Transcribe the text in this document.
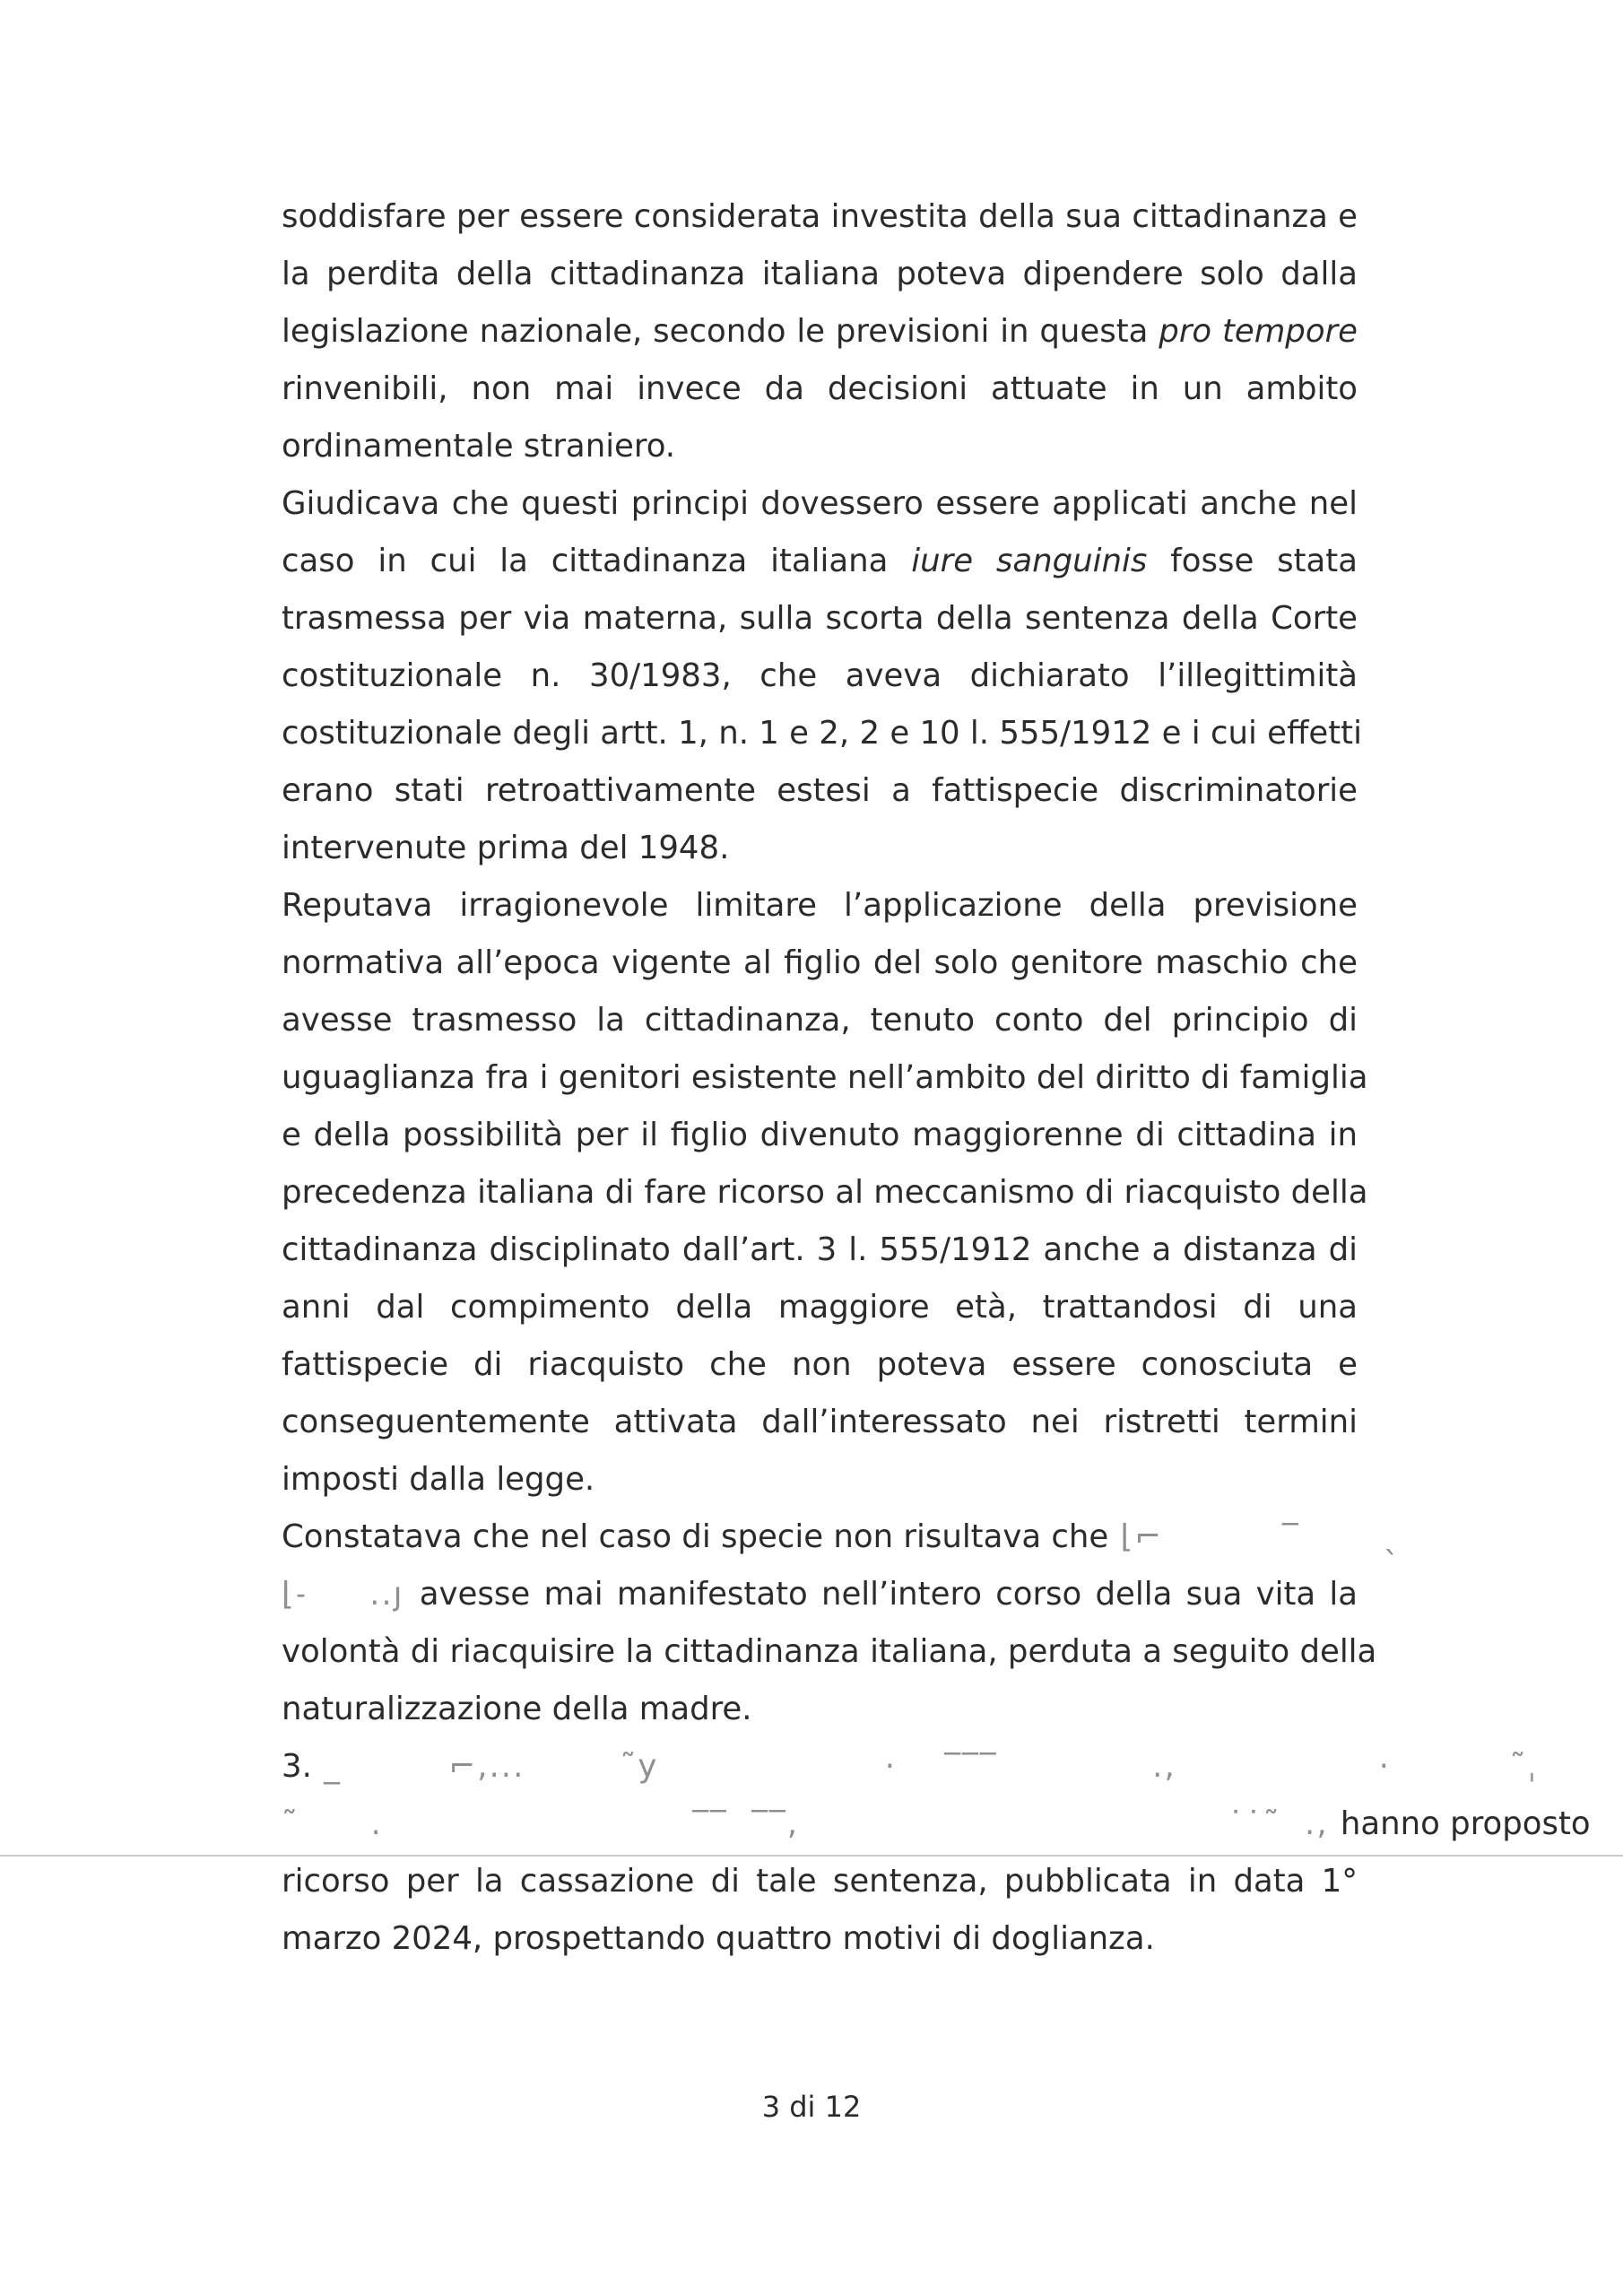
soddisfare per essere considerata investita della sua cittadinanza e
la perdita della cittadinanza italiana poteva dipendere solo dalla
legislazione nazionale, secondo le previsioni in questa pro tempore
rinvenibili, non mai invece da decisioni attuate in un ambito
ordinamentale straniero.
Giudicava che questi principi dovessero essere applicati anche nel
caso in cui la cittadinanza italiana iure sanguinis fosse stata
trasmessa per via materna, sulla scorta della sentenza della Corte
costituzionale n. 30/1983, che aveva dichiarato l’illegittimità
costituzionale degli artt. 1, n. 1 e 2, 2 e 10 l. 555/1912 e i cui effetti
erano stati retroattivamente estesi a fattispecie discriminatorie
intervenute prima del 1948.
Reputava irragionevole limitare l’applicazione della previsione
normativa all’epoca vigente al figlio del solo genitore maschio che
avesse trasmesso la cittadinanza, tenuto conto del principio di
uguaglianza fra i genitori esistente nell’ambito del diritto di famiglia
e della possibilità per il figlio divenuto maggiorenne di cittadina in
precedenza italiana di fare ricorso al meccanismo di riacquisto della
cittadinanza disciplinato dall’art. 3 l. 555/1912 anche a distanza di
anni dal compimento della maggiore età, trattandosi di una
fattispecie di riacquisto che non poteva essere conosciuta e
conseguentemente attivata dall’interessato nei ristretti termini
imposti dalla legge.
Constatava che nel caso di specie non risultava che ⌊⌐          ‾       ˎ
⌊˗    ..ȷ avesse mai manifestato nell’intero corso della sua vita la
volontà di riacquisire la cittadinanza italiana, perduta a seguito della
naturalizzazione della madre.
3. _         ⌐,...        ˜y                   ·    ‾‾‾             .,                 ·          ˜ˌ
˜      .                          ‾‾  ‾‾,                                    ˙˙˜  ., hanno proposto
ricorso per la cassazione di tale sentenza, pubblicata in data 1°
marzo 2024, prospettando quattro motivi di doglianza.
3 di 12
